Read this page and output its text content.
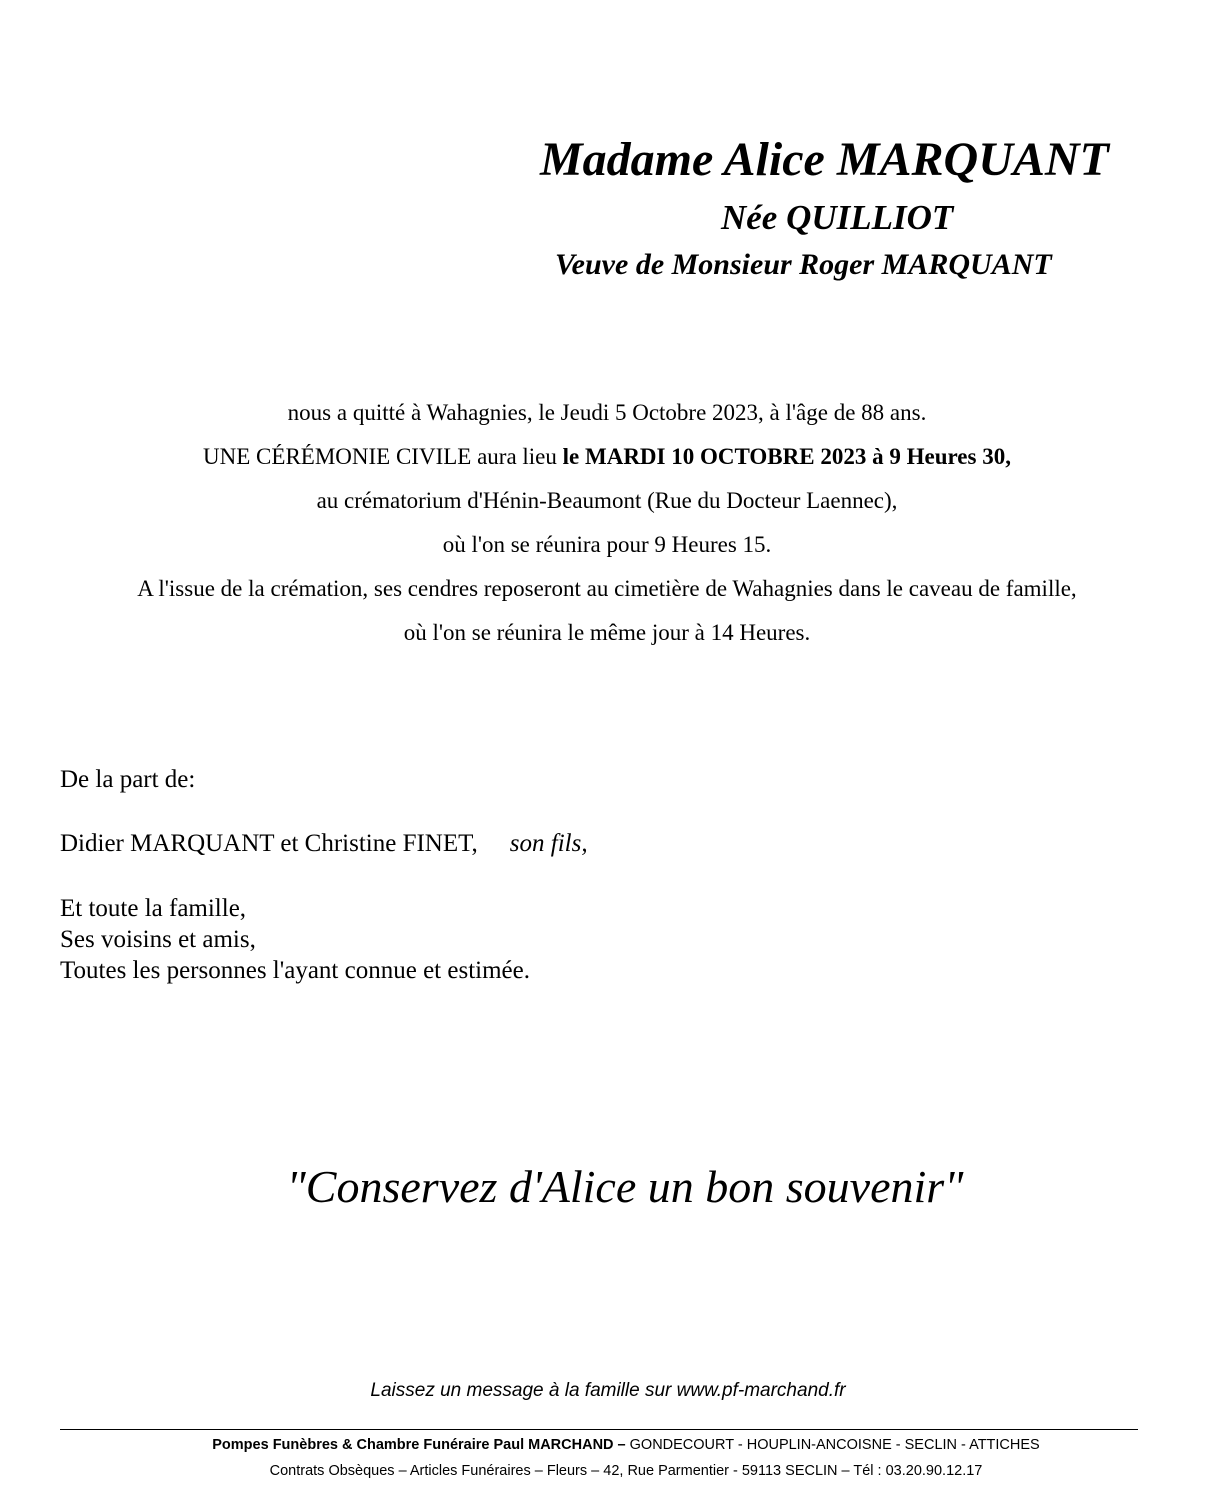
Madame Alice MARQUANT
Née QUILLIOT
Veuve de Monsieur Roger MARQUANT

nous a quitté à Wahagnies, le Jeudi 5 Octobre 2023, à l'âge de 88 ans.

UNE CÉRÉMONIE CIVILE aura lieu le MARDI 10 OCTOBRE 2023 à 9 Heures 30,

au crématorium d'Hénin-Beaumont (Rue du Docteur Laennec),

où l'on se réunira pour 9 Heures 15.

A l'issue de la crémation, ses cendres reposeront au cimetière de Wahagnies dans le caveau de famille,

où l'on se réunira le même jour à 14 Heures.

De la part de:

Didier MARQUANT et Christine FINET, son fils,

Et toute la famille,

Ses voisins et amis,

Toutes les personnes l'ayant connue et estimée.

"Conservez d'Alice un bon souvenir"

Laissez un message à la famille sur www.pf-marchand.fr

Pompes Funèbres & Chambre Funéraire Paul MARCHAND – GONDECOURT - HOUPLIN-ANCOISNE - SECLIN - ATTICHES

Contrats Obsèques – Articles Funéraires – Fleurs – 42, Rue Parmentier - 59113 SECLIN – Tél : 03.20.90.12.17
